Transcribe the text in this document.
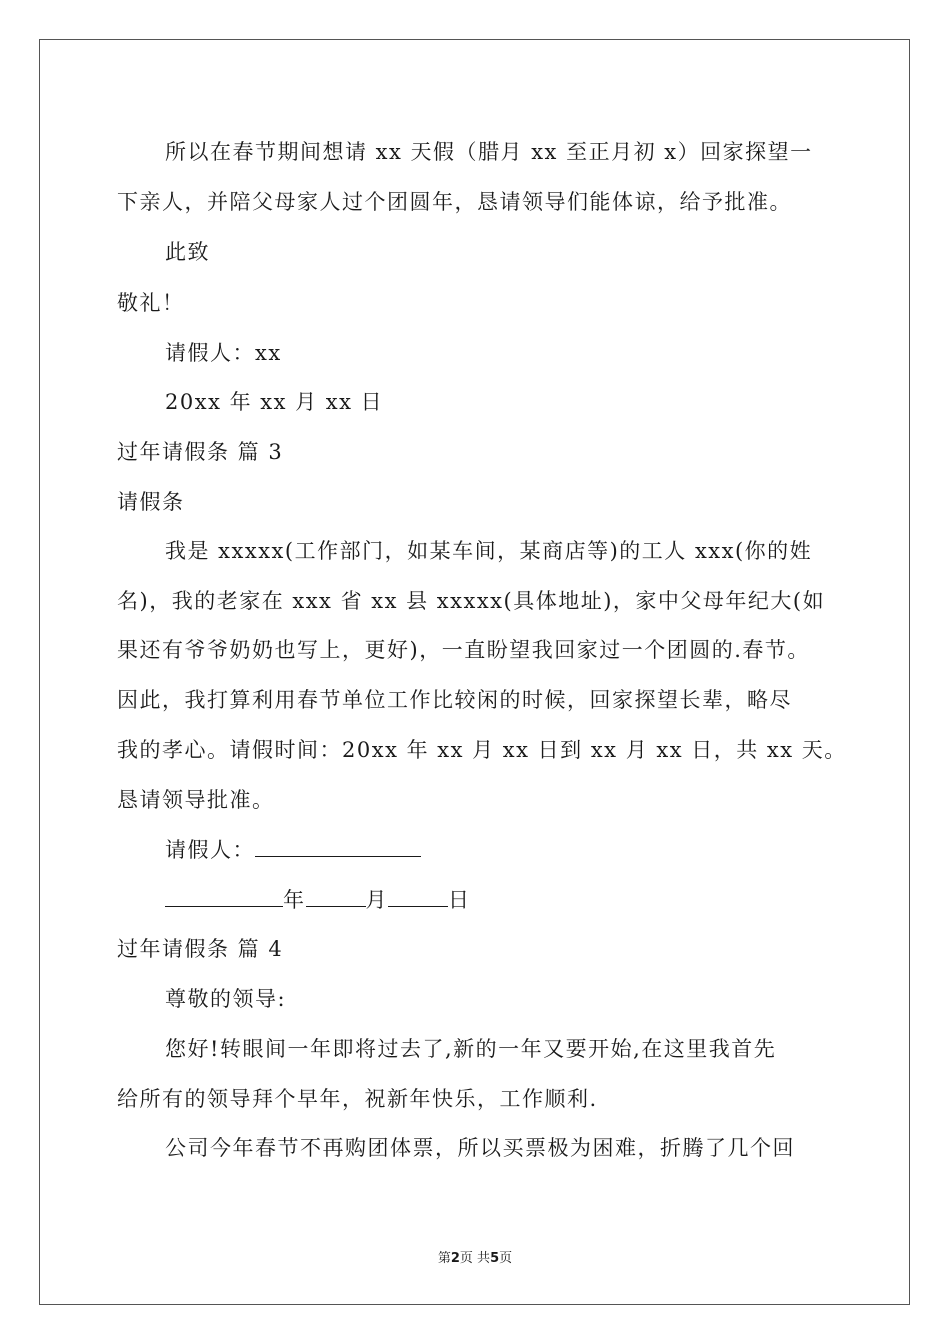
所以在春节期间想请 xx 天假（腊月 xx 至正月初 x）回家探望一
下亲人，并陪父母家人过个团圆年，恳请领导们能体谅，给予批准。
此致
敬礼！
请假人：xx
20xx 年 xx 月 xx 日
过年请假条 篇 3
请假条
我是 xxxxx(工作部门，如某车间，某商店等)的工人 xxx(你的姓
名)，我的老家在 xxx 省 xx 县 xxxxx(具体地址)，家中父母年纪大(如
果还有爷爷奶奶也写上，更好)，一直盼望我回家过一个团圆的.春节。
因此，我打算利用春节单位工作比较闲的时候，回家探望长辈，略尽
我的孝心。请假时间：20xx 年 xx 月 xx 日到 xx 月 xx 日，共 xx 天。
恳请领导批准。
请假人：
年	月	日
过年请假条 篇 4
尊敬的领导:
您好!转眼间一年即将过去了,新的一年又要开始,在这里我首先
给所有的领导拜个早年，祝新年快乐，工作顺利.
公司今年春节不再购团体票，所以买票极为困难，折腾了几个回
第2页 共5页
